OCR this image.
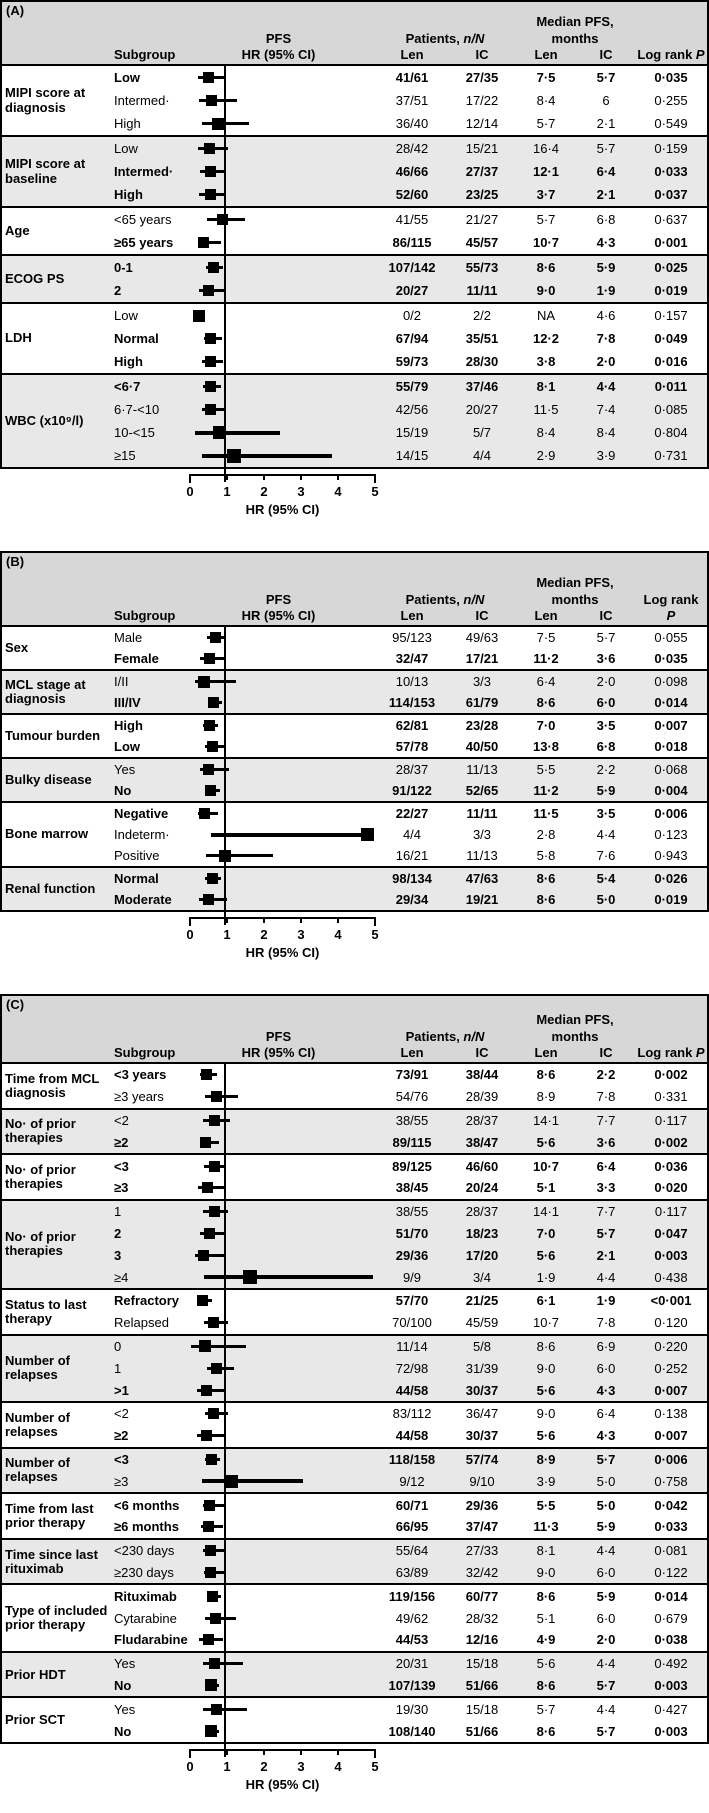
(A)
Subgroup
PFS
HR (95% CI)
Patients, n/N
Len	IC
Median PFS,
months
Len	IC	Log rank P
MIPI score at diagnosis
Low	41/61	27/35	7·5	5·7	0·035
Intermed·	37/51	17/22	8·4	6	0·255
High	36/40	12/14	5·7	2·1	0·549
MIPI score at baseline
Low	28/42	15/21	16·4	5·7	0·159
Intermed·	46/66	27/37	12·1	6·4	0·033
High	52/60	23/25	3·7	2·1	0·037
Age
<65 years	41/55	21/27	5·7	6·8	0·637
≥65 years	86/115	45/57	10·7	4·3	0·001
ECOG PS
0-1	107/142	55/73	8·6	5·9	0·025
2	20/27	11/11	9·0	1·9	0·019
LDH
Low	0/2	2/2	NA	4·6	0·157
Normal	67/94	35/51	12·2	7·8	0·049
High	59/73	28/30	3·8	2·0	0·016
WBC (x10⁹/l)
<6·7	55/79	37/46	8·1	4·4	0·011
6·7-<10	42/56	20/27	11·5	7·4	0·085
10-<15	15/19	5/7	8·4	8·4	0·804
≥15	14/15	4/4	2·9	3·9	0·731
0	1	2	3	4	5
HR (95% CI)
(B)
Subgroup
PFS
HR (95% CI)
Patients, n/N
Len	IC
Median PFS,
months
Len	IC
Log rank
P
Sex
Male	95/123	49/63	7·5	5·7	0·055
Female	32/47	17/21	11·2	3·6	0·035
MCL stage at diagnosis
I/II	10/13	3/3	6·4	2·0	0·098
III/IV	114/153	61/79	8·6	6·0	0·014
Tumour burden
High	62/81	23/28	7·0	3·5	0·007
Low	57/78	40/50	13·8	6·8	0·018
Bulky disease
Yes	28/37	11/13	5·5	2·2	0·068
No	91/122	52/65	11·2	5·9	0·004
Bone marrow
Negative	22/27	11/11	11·5	3·5	0·006
Indeterm·	4/4	3/3	2·8	4·4	0·123
Positive	16/21	11/13	5·8	7·6	0·943
Renal function
Normal	98/134	47/63	8·6	5·4	0·026
Moderate	29/34	19/21	8·6	5·0	0·019
0	1	2	3	4	5
HR (95% CI)
(C)
Subgroup
PFS
HR (95% CI)
Patients, n/N
Len	IC
Median PFS,
months
Len	IC	Log rank P
Time from MCL diagnosis
<3 years	73/91	38/44	8·6	2·2	0·002
≥3 years	54/76	28/39	8·9	7·8	0·331
No· of prior therapies
<2	38/55	28/37	14·1	7·7	0·117
≥2	89/115	38/47	5·6	3·6	0·002
No· of prior therapies
<3	89/125	46/60	10·7	6·4	0·036
≥3	38/45	20/24	5·1	3·3	0·020
No· of prior therapies
1	38/55	28/37	14·1	7·7	0·117
2	51/70	18/23	7·0	5·7	0·047
3	29/36	17/20	5·6	2·1	0·003
≥4	9/9	3/4	1·9	4·4	0·438
Status to last therapy
Refractory	57/70	21/25	6·1	1·9	<0·001
Relapsed	70/100	45/59	10·7	7·8	0·120
Number of relapses
0	11/14	5/8	8·6	6·9	0·220
1	72/98	31/39	9·0	6·0	0·252
>1	44/58	30/37	5·6	4·3	0·007
Number of relapses
<2	83/112	36/47	9·0	6·4	0·138
≥2	44/58	30/37	5·6	4·3	0·007
Number of relapses
<3	118/158	57/74	8·9	5·7	0·006
≥3	9/12	9/10	3·9	5·0	0·758
Time from last prior therapy
<6 months	60/71	29/36	5·5	5·0	0·042
≥6 months	66/95	37/47	11·3	5·9	0·033
Time since last rituximab
<230 days	55/64	27/33	8·1	4·4	0·081
≥230 days	63/89	32/42	9·0	6·0	0·122
Type of included prior therapy
Rituximab	119/156	60/77	8·6	5·9	0·014
Cytarabine	49/62	28/32	5·1	6·0	0·679
Fludarabine	44/53	12/16	4·9	2·0	0·038
Prior HDT
Yes	20/31	15/18	5·6	4·4	0·492
No	107/139	51/66	8·6	5·7	0·003
Prior SCT
Yes	19/30	15/18	5·7	4·4	0·427
No	108/140	51/66	8·6	5·7	0·003
0	1	2	3	4	5
HR (95% CI)
